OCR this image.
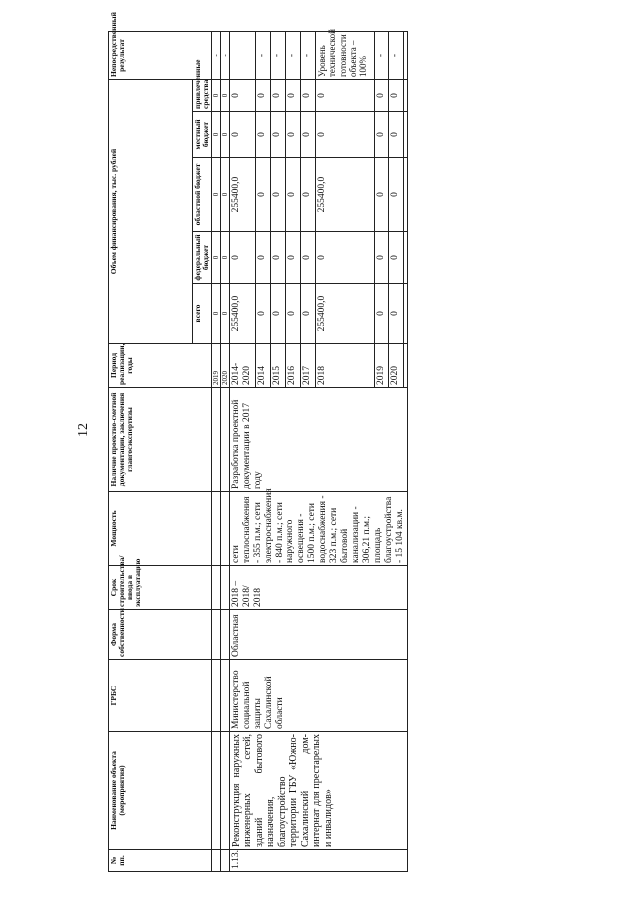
12
№ пп.	Наименование объекта (мероприятия)	ГРБС	Форма собственности	Срок строительства/ввода в эксплуатацию	Мощность	Наличие проектно-сметной документации, заключения главгосэкспертизы	Период реализации, годы	Объем финансирования, тыс. рублей					Непосредственный результат
								всего	федеральный бюджет	областной бюджет	местный бюджет	привлеченные средства	
							2019	0	0	0	0	0	-
							2020	0	0	0	0	0	-
1.13.	Реконструкция наружных инженерных сетей, зданий бытового назначения, благоустройство территории ГБУ «Южно-Сахалинский дом-интернат для престарелых и инвалидов»	Министерство социальной защиты Сахалинской области	Областная	2018 – 2018/ 2018	сети теплоснабжения - 355 п.м.; сети электроснабжения - 840 п.м.; сети наружного освещения - 1500 п.м.; сети водоснабжения - 323 п.м.; сети бытовой канализации - 306,21 п.м.; площадь благоустройства - 15 104 кв.м.	Разработка проектной документации в 2017 году	2014-2020	255400,0	0	255400,0	0	0	
							2014	0	0	0	0	0	-
							2015	0	0	0	0	0	-
							2016	0	0	0	0	0	-
							2017	0	0	0	0	0	-
							2018	255400,0	0	255400,0	0	0	Уровень технической готовности объекта – 100%
							2019	0	0	0	0	0	-
							2020	0	0	0	0	0	-
